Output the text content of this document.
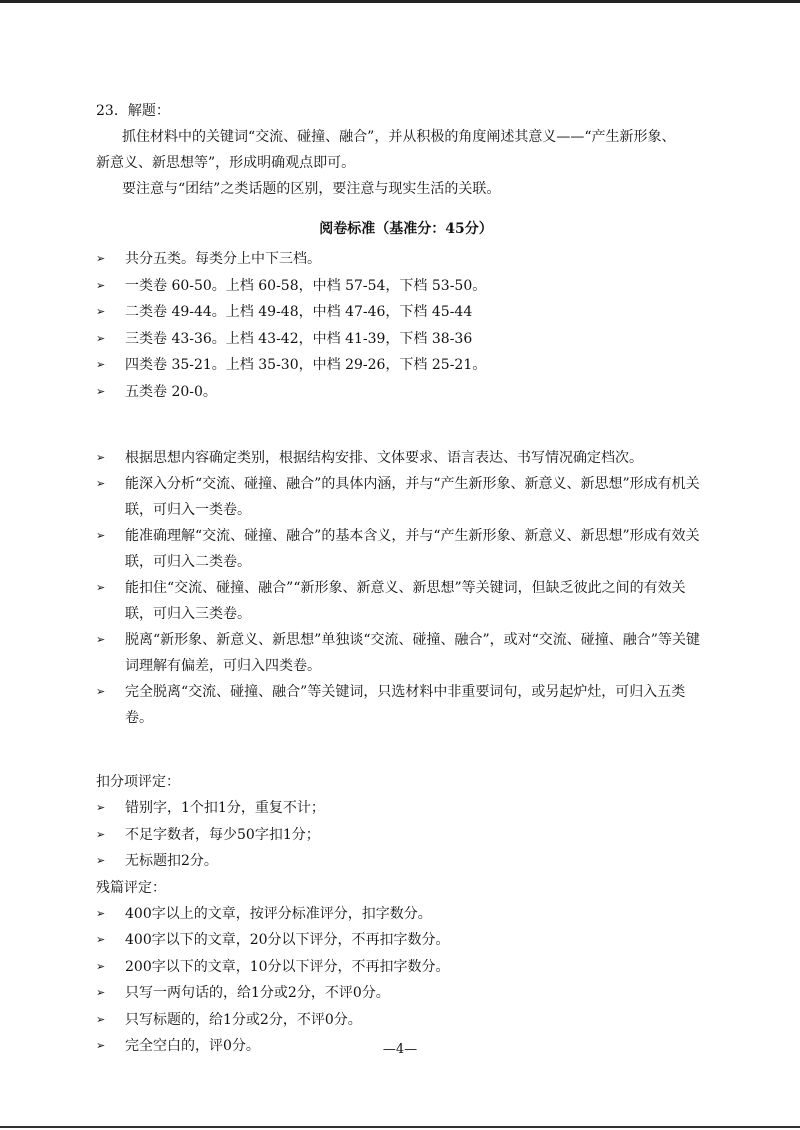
23．解题：
抓住材料中的关键词“交流、碰撞、融合”，并从积极的角度阐述其意义——“产生新形象、
新意义、新思想等”，形成明确观点即可。
要注意与“团结”之类话题的区别，要注意与现实生活的关联。
阅卷标准（基准分：45分）
➢ 共分五类。每类分上中下三档。
➢ 一类卷 60-50。上档 60-58，中档 57-54，下档 53-50。
➢ 二类卷 49-44。上档 49-48，中档 47-46，下档 45-44
➢ 三类卷 43-36。上档 43-42，中档 41-39，下档 38-36
➢ 四类卷 35-21。上档 35-30，中档 29-26，下档 25-21。
➢ 五类卷 20-0。
➢ 根据思想内容确定类别，根据结构安排、文体要求、语言表达、书写情况确定档次。
➢ 能深入分析“交流、碰撞、融合”的具体内涵，并与“产生新形象、新意义、新思想”形成有机关联，可归入一类卷。
➢ 能准确理解“交流、碰撞、融合”的基本含义，并与“产生新形象、新意义、新思想”形成有效关联，可归入二类卷。
➢ 能扣住“交流、碰撞、融合”“新形象、新意义、新思想”等关键词，但缺乏彼此之间的有效关联，可归入三类卷。
➢ 脱离“新形象、新意义、新思想”单独谈“交流、碰撞、融合”，或对“交流、碰撞、融合”等关键词理解有偏差，可归入四类卷。
➢ 完全脱离“交流、碰撞、融合”等关键词，只选材料中非重要词句，或另起炉灶，可归入五类卷。
扣分项评定：
➢ 错别字，1个扣1分，重复不计；
➢ 不足字数者，每少50字扣1分；
➢ 无标题扣2分。
残篇评定：
➢ 400字以上的文章，按评分标准评分，扣字数分。
➢ 400字以下的文章，20分以下评分，不再扣字数分。
➢ 200字以下的文章，10分以下评分，不再扣字数分。
➢ 只写一两句话的，给1分或2分，不评0分。
➢ 只写标题的，给1分或2分，不评0分。
➢ 完全空白的，评0分。	—4—
